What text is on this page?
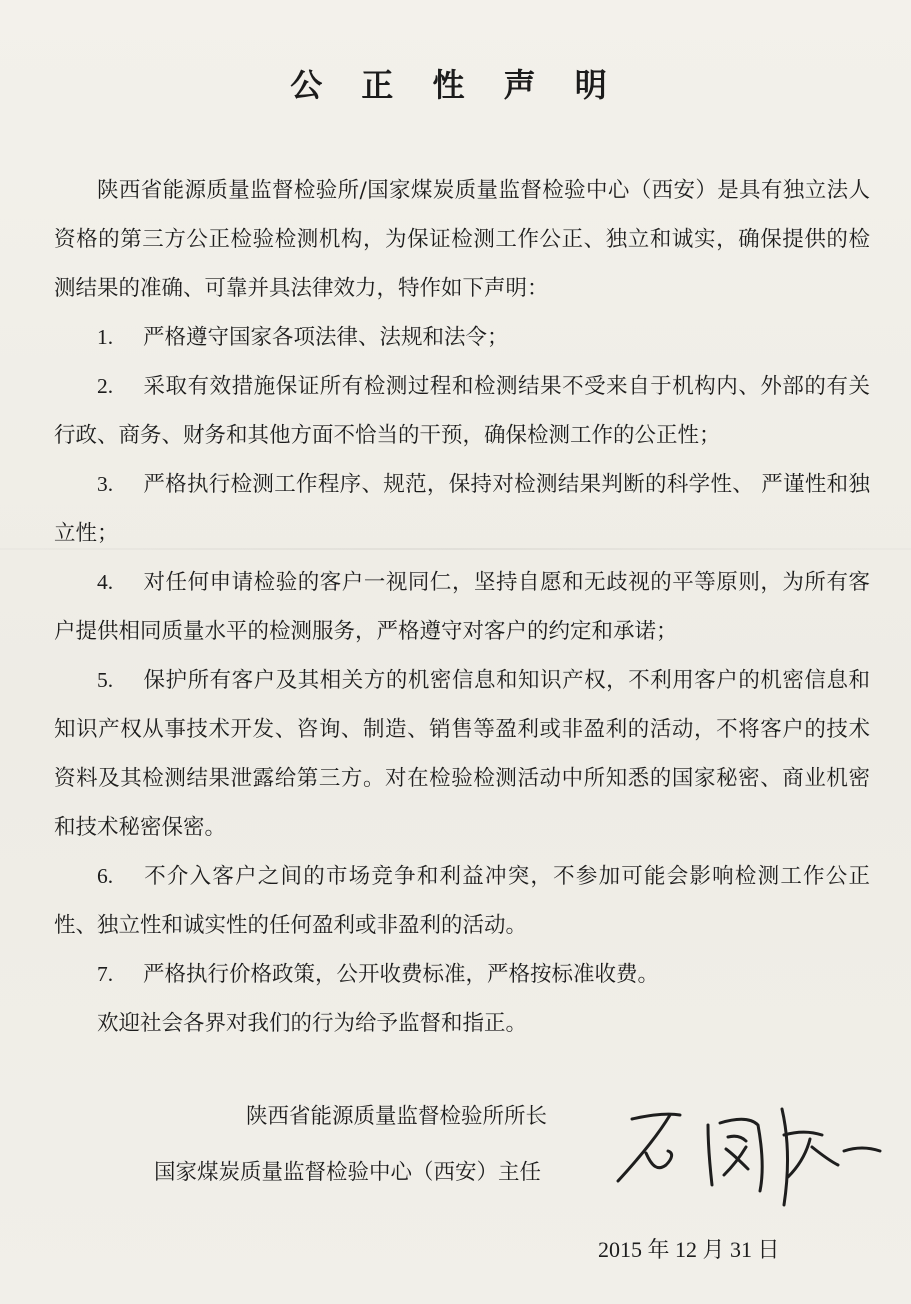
公 正 性 声 明

陕西省能源质量监督检验所/国家煤炭质量监督检验中心（西安）是具有独立法人资格的第三方公正检验检测机构，为保证检测工作公正、独立和诚实，确保提供的检测结果的准确、可靠并具法律效力，特作如下声明：

1. 严格遵守国家各项法律、法规和法令；

2. 采取有效措施保证所有检测过程和检测结果不受来自于机构内、外部的有关行政、商务、财务和其他方面不恰当的干预，确保检测工作的公正性；

3. 严格执行检测工作程序、规范，保持对检测结果判断的科学性、 严谨性和独立性；

4. 对任何申请检验的客户一视同仁，坚持自愿和无歧视的平等原则，为所有客户提供相同质量水平的检测服务，严格遵守对客户的约定和承诺；

5. 保护所有客户及其相关方的机密信息和知识产权，不利用客户的机密信息和知识产权从事技术开发、咨询、制造、销售等盈利或非盈利的活动，不将客户的技术资料及其检测结果泄露给第三方。对在检验检测活动中所知悉的国家秘密、商业机密和技术秘密保密。

6. 不介入客户之间的市场竞争和利益冲突，不参加可能会影响检测工作公正性、独立性和诚实性的任何盈利或非盈利的活动。

7. 严格执行价格政策，公开收费标准，严格按标准收费。

欢迎社会各界对我们的行为给予监督和指正。

陕西省能源质量监督检验所所长
国家煤炭质量监督检验中心（西安）主任
2015 年 12 月 31 日
